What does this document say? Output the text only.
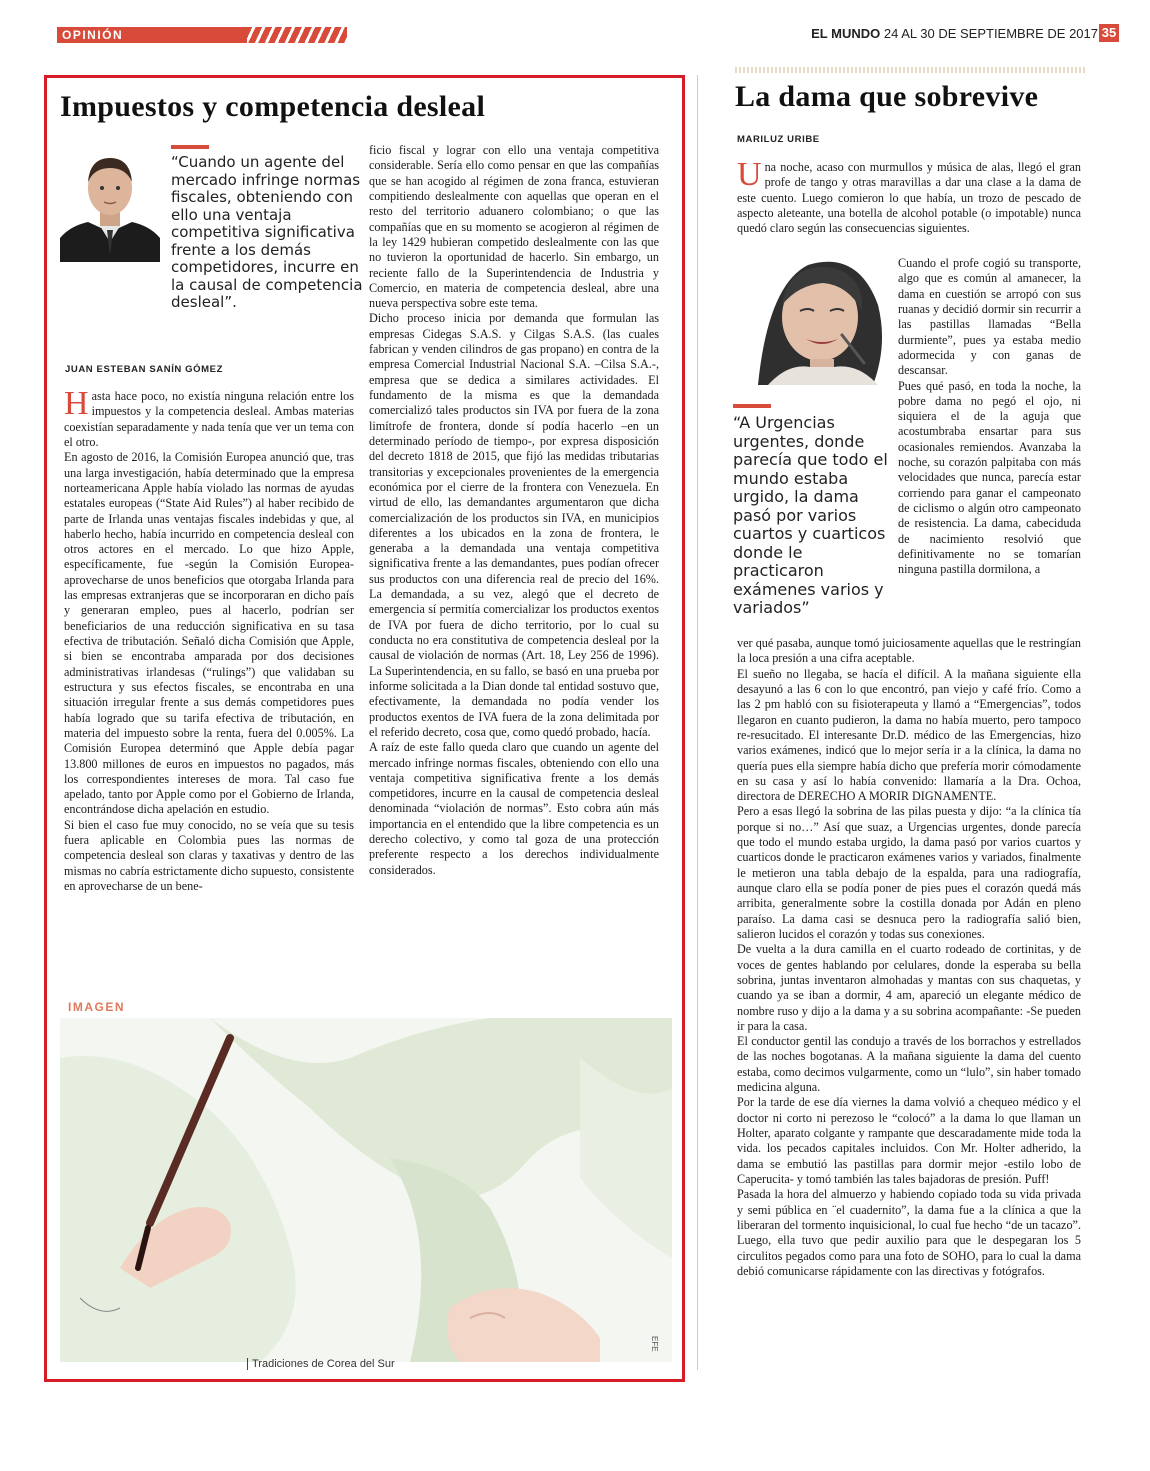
OPINIÓN	EL MUNDO 24 AL 30 DE SEPTIEMBRE DE 2017 35
Impuestos y competencia desleal

“Cuando un agente del mercado infringe normas fiscales, obteniendo con ello una ventaja competitiva significativa frente a los demás competidores, incurre en la causal de competencia desleal”.

JUAN ESTEBAN SANÍN GÓMEZ

Hasta hace poco, no existía ninguna relación entre los impuestos y la competencia desleal. Ambas materias coexistían separadamente y nada tenía que ver un tema con el otro.

En agosto de 2016, la Comisión Europea anunció que, tras una larga investigación, había determinado que la empresa norteamericana Apple había violado las normas de ayudas estatales europeas (“State Aid Rules”) al haber recibido de parte de Irlanda unas ventajas fiscales indebidas y que, al haberlo hecho, había incurrido en competencia desleal con otros actores en el mercado. Lo que hizo Apple, específicamente, fue -según la Comisión Europea- aprovecharse de unos beneficios que otorgaba Irlanda para las empresas extranjeras que se incorporaran en dicho país y generaran empleo, pues al hacerlo, podrían ser beneficiarios de una reducción significativa en su tasa efectiva de tributación. Señaló dicha Comisión que Apple, si bien se encontraba amparada por dos decisiones administrativas irlandesas (“rulings”) que validaban su estructura y sus efectos fiscales, se encontraba en una situación irregular frente a sus demás competidores pues había logrado que su tarifa efectiva de tributación, en materia del impuesto sobre la renta, fuera del 0.005%. La Comisión Europea determinó que Apple debía pagar 13.800 millones de euros en impuestos no pagados, más los correspondientes intereses de mora. Tal caso fue apelado, tanto por Apple como por el Gobierno de Irlanda, encontrándose dicha apelación en estudio.

Si bien el caso fue muy conocido, no se veía que su tesis fuera aplicable en Colombia pues las normas de competencia desleal son claras y taxativas y dentro de las mismas no cabría estrictamente dicho supuesto, consistente en aprovecharse de un bene-

ficio fiscal y lograr con ello una ventaja competitiva considerable. Sería ello como pensar en que las compañías que se han acogido al régimen de zona franca, estuvieran compitiendo deslealmente con aquellas que operan en el resto del territorio aduanero colombiano; o que las compañías que en su momento se acogieron al régimen de la ley 1429 hubieran competido deslealmente con las que no tuvieron la oportunidad de hacerlo. Sin embargo, un reciente fallo de la Superintendencia de Industria y Comercio, en materia de competencia desleal, abre una nueva perspectiva sobre este tema.

Dicho proceso inicia por demanda que formulan las empresas Cidegas S.A.S. y Cilgas S.A.S. (las cuales fabrican y venden cilindros de gas propano) en contra de la empresa Comercial Industrial Nacional S.A. –Cilsa S.A.-, empresa que se dedica a similares actividades. El fundamento de la misma es que la demandada comercializó tales productos sin IVA por fuera de la zona limítrofe de frontera, donde sí podía hacerlo –en un determinado período de tiempo-, por expresa disposición del decreto 1818 de 2015, que fijó las medidas tributarias transitorias y excepcionales provenientes de la emergencia económica por el cierre de la frontera con Venezuela. En virtud de ello, las demandantes argumentaron que dicha comercialización de los productos sin IVA, en municipios diferentes a los ubicados en la zona de frontera, le generaba a la demandada una ventaja competitiva significativa frente a las demandantes, pues podían ofrecer sus productos con una diferencia real de precio del 16%. La demandada, a su vez, alegó que el decreto de emergencia sí permitía comercializar los productos exentos de IVA por fuera de dicho territorio, por lo cual su conducta no era constitutiva de competencia desleal por la causal de violación de normas (Art. 18, Ley 256 de 1996). La Superintendencia, en su fallo, se basó en una prueba por informe solicitada a la Dian donde tal entidad sostuvo que, efectivamente, la demandada no podía vender los productos exentos de IVA fuera de la zona delimitada por el referido decreto, cosa que, como quedó probado, hacía.

A raíz de este fallo queda claro que cuando un agente del mercado infringe normas fiscales, obteniendo con ello una ventaja competitiva significativa frente a los demás competidores, incurre en la causal de competencia desleal denominada “violación de normas”. Esto cobra aún más importancia en el entendido que la libre competencia es un derecho colectivo, y como tal goza de una protección preferente respecto a los derechos individualmente considerados.

IMAGEN
Tradiciones de Corea del Sur
EFE
La dama que sobrevive
MARILUZ URIBE

Una noche, acaso con murmullos y música de alas, llegó el gran profe de tango y otras maravillas a dar una clase a la dama de este cuento. Luego comieron lo que había, un trozo de pescado de aspecto aleteante, una botella de alcohol potable (o impotable) nunca quedó claro según las consecuencias siguientes.

Cuando el profe cogió su transporte, algo que es común al amanecer, la dama en cuestión se arropó con sus ruanas y decidió dormir sin recurrir a las pastillas llamadas “Bella durmiente”, pues ya estaba medio adormecida y con ganas de descansar.

Pues qué pasó, en toda la noche, la pobre dama no pegó el ojo, ni siquiera el de la aguja que acostumbraba ensartar para sus ocasionales remiendos. Avanzaba la noche, su corazón palpitaba con más velocidades que nunca, parecía estar corriendo para ganar el campeonato de ciclismo o algún otro campeonato de resistencia. La dama, cabeciduda de nacimiento resolvió que definitivamente no se tomarían ninguna pastilla dormilona, a

“A Urgencias urgentes, donde parecía que todo el mundo estaba urgido, la dama pasó por varios cuartos y cuarticos donde le practicaron exámenes varios y variados”

ver qué pasaba, aunque tomó juiciosamente aquellas que le restringían la loca presión a una cifra aceptable.

El sueño no llegaba, se hacía el difícil. A la mañana siguiente ella desayunó a las 6 con lo que encontró, pan viejo y café frío. Como a las 2 pm habló con su fisioterapeuta y llamó a “Emergencias”, todos llegaron en cuanto pudieron, la dama no había muerto, pero tampoco re-resucitado. El interesante Dr.D. médico de las Emergencias, hizo varios exámenes, indicó que lo mejor sería ir a la clínica, la dama no quería pues ella siempre había dicho que prefería morir cómodamente en su casa y así lo había convenido: llamaría a la Dra. Ochoa, directora de DERECHO A MORIR DIGNAMENTE.

Pero a esas llegó la sobrina de las pilas puesta y dijo: “a la clínica tía porque si no…” Así que suaz, a Urgencias urgentes, donde parecía que todo el mundo estaba urgido, la dama pasó por varios cuartos y cuarticos donde le practicaron exámenes varios y variados, finalmente le metieron una tabla debajo de la espalda, para una radiografía, aunque claro ella se podía poner de pies pues el corazón quedá más arribita, generalmente sobre la costilla donada por Adán en pleno paraíso. La dama casi se desnuca pero la radiografía salió bien, salieron lucidos el corazón y todas sus conexiones.

De vuelta a la dura camilla en el cuarto rodeado de cortinitas, y de voces de gentes hablando por celulares, donde la esperaba su bella sobrina, juntas inventaron almohadas y mantas con sus chaquetas, y cuando ya se iban a dormir, 4 am, apareció un elegante médico de nombre ruso y dijo a la dama y a su sobrina acompañante: -Se pueden ir para la casa.

El conductor gentil las condujo a través de los borrachos y estrellados de las noches bogotanas. A la mañana siguiente la dama del cuento estaba, como decimos vulgarmente, como un “lulo”, sin haber tomado medicina alguna.

Por la tarde de ese día viernes la dama volvió a chequeo médico y el doctor ni corto ni perezoso le “colocó” a la dama lo que llaman un Holter, aparato colgante y rampante que descaradamente mide toda la vida. los pecados capitales incluidos. Con Mr. Holter adherido, la dama se embutió las pastillas para dormir mejor -estilo lobo de Caperucita- y tomó también las tales bajadoras de presión. Puff!

Pasada la hora del almuerzo y habiendo copiado toda su vida privada y semi pública en ¨el cuadernito”, la dama fue a la clínica a que la liberaran del tormento inquisicional, lo cual fue hecho “de un tacazo”. Luego, ella tuvo que pedir auxilio para que le despegaran los 5 circulitos pegados como para una foto de SOHO, para lo cual la dama debió comunicarse rápidamente con las directivas y fotógrafos.
